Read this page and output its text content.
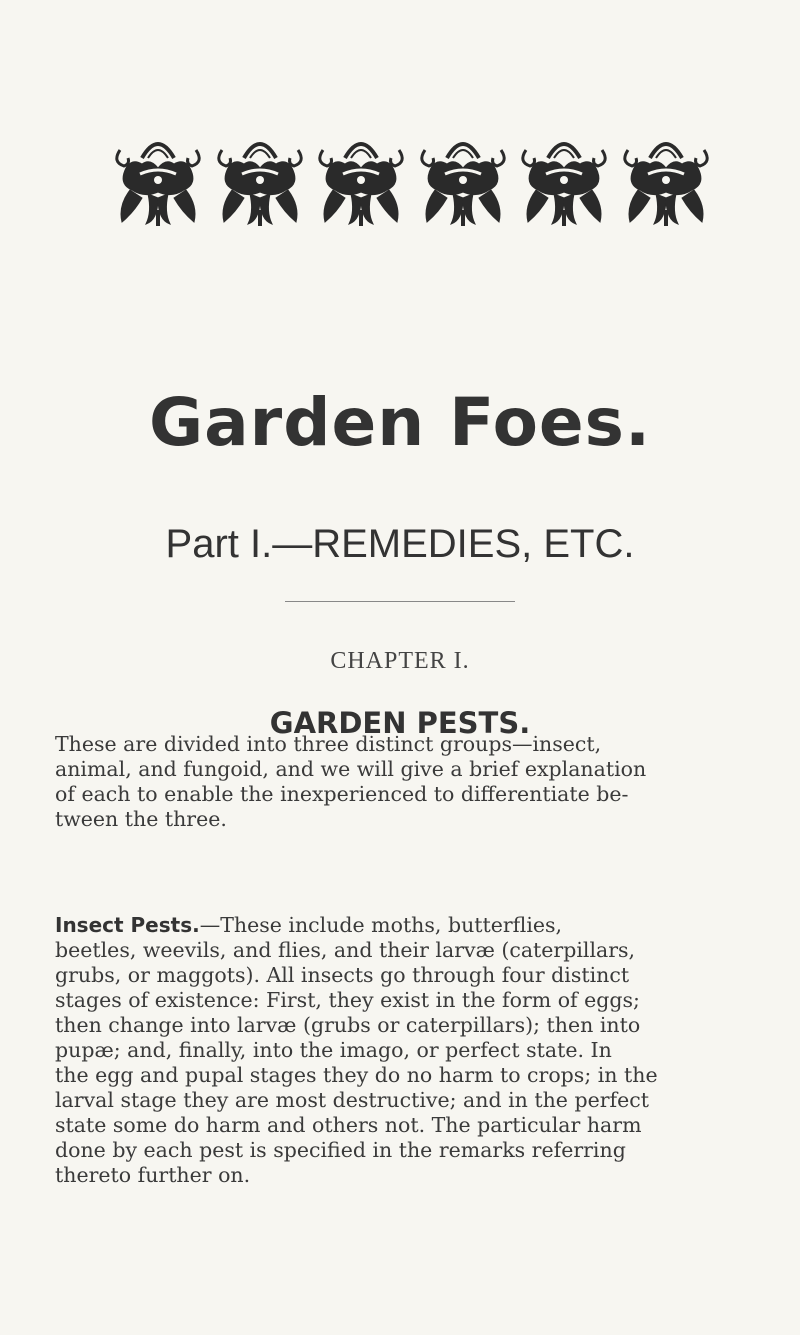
Garden Foes.
Part I.—REMEDIES, ETC.
CHAPTER I.
GARDEN PESTS.

These are divided into three distinct groups—insect,
animal, and fungoid, and we will give a brief explanation
of each to enable the inexperienced to differentiate be-
tween the three.

Insect Pests.—These include moths, butterflies,
beetles, weevils, and flies, and their larvæ (caterpillars,
grubs, or maggots). All insects go through four distinct
stages of existence: First, they exist in the form of eggs;
then change into larvæ (grubs or caterpillars); then into
pupæ; and, finally, into the imago, or perfect state. In
the egg and pupal stages they do no harm to crops; in the
larval stage they are most destructive; and in the perfect
state some do harm and others not. The particular harm
done by each pest is specified in the remarks referring
thereto further on.
